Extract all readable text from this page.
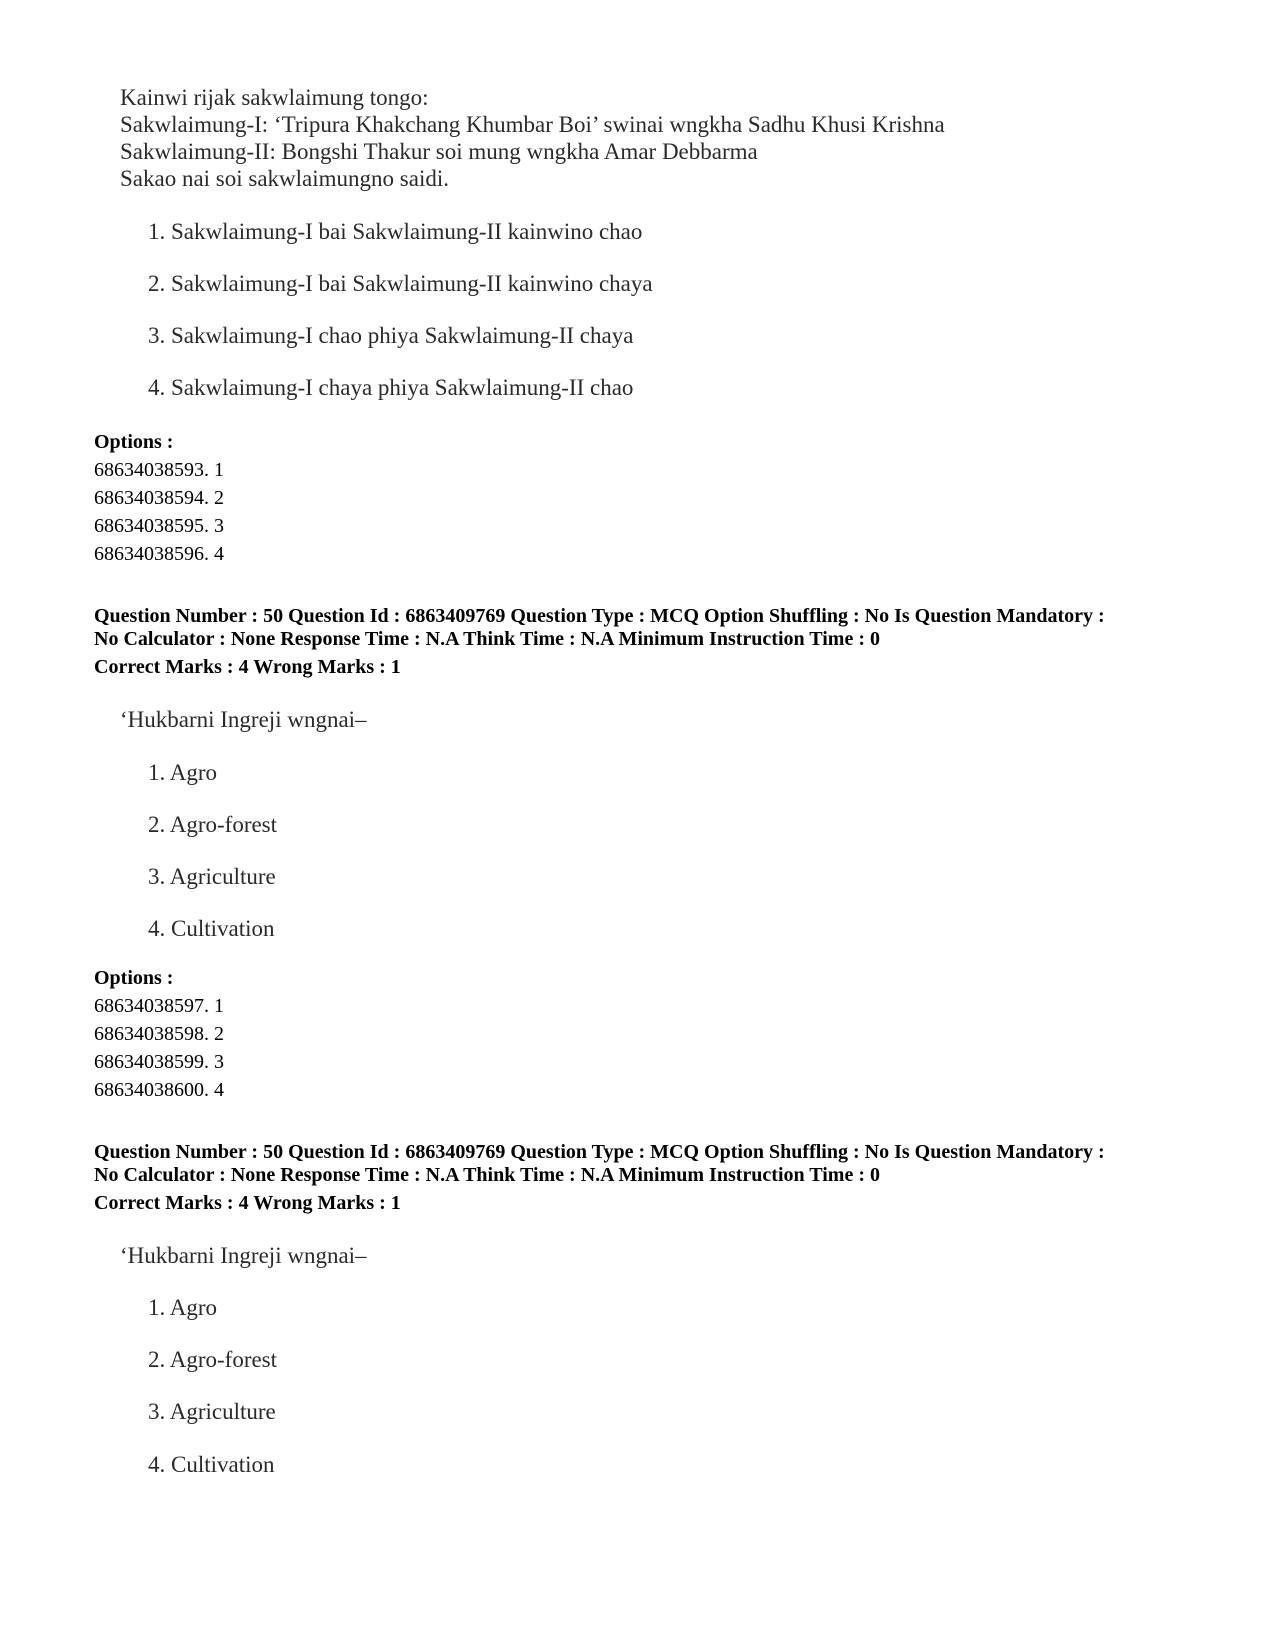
Kainwi rijak sakwlaimung tongo:
Sakwlaimung-I: ‘Tripura Khakchang Khumbar Boi’ swinai wngkha Sadhu Khusi Krishna
Sakwlaimung-II: Bongshi Thakur soi mung wngkha Amar Debbarma
Sakao nai soi sakwlaimungno saidi.
1. Sakwlaimung-I bai Sakwlaimung-II kainwino chao
2. Sakwlaimung-I bai Sakwlaimung-II kainwino chaya
3. Sakwlaimung-I chao phiya Sakwlaimung-II chaya
4. Sakwlaimung-I chaya phiya Sakwlaimung-II chao
Options :
68634038593. 1
68634038594. 2
68634038595. 3
68634038596. 4
Question Number : 50 Question Id : 6863409769 Question Type : MCQ Option Shuffling : No Is Question Mandatory :
No Calculator : None Response Time : N.A Think Time : N.A Minimum Instruction Time : 0
Correct Marks : 4 Wrong Marks : 1
‘Hukbarni Ingreji wngnai–
1. Agro
2. Agro-forest
3. Agriculture
4. Cultivation
Options :
68634038597. 1
68634038598. 2
68634038599. 3
68634038600. 4
Question Number : 50 Question Id : 6863409769 Question Type : MCQ Option Shuffling : No Is Question Mandatory :
No Calculator : None Response Time : N.A Think Time : N.A Minimum Instruction Time : 0
Correct Marks : 4 Wrong Marks : 1
‘Hukbarni Ingreji wngnai–
1. Agro
2. Agro-forest
3. Agriculture
4. Cultivation
